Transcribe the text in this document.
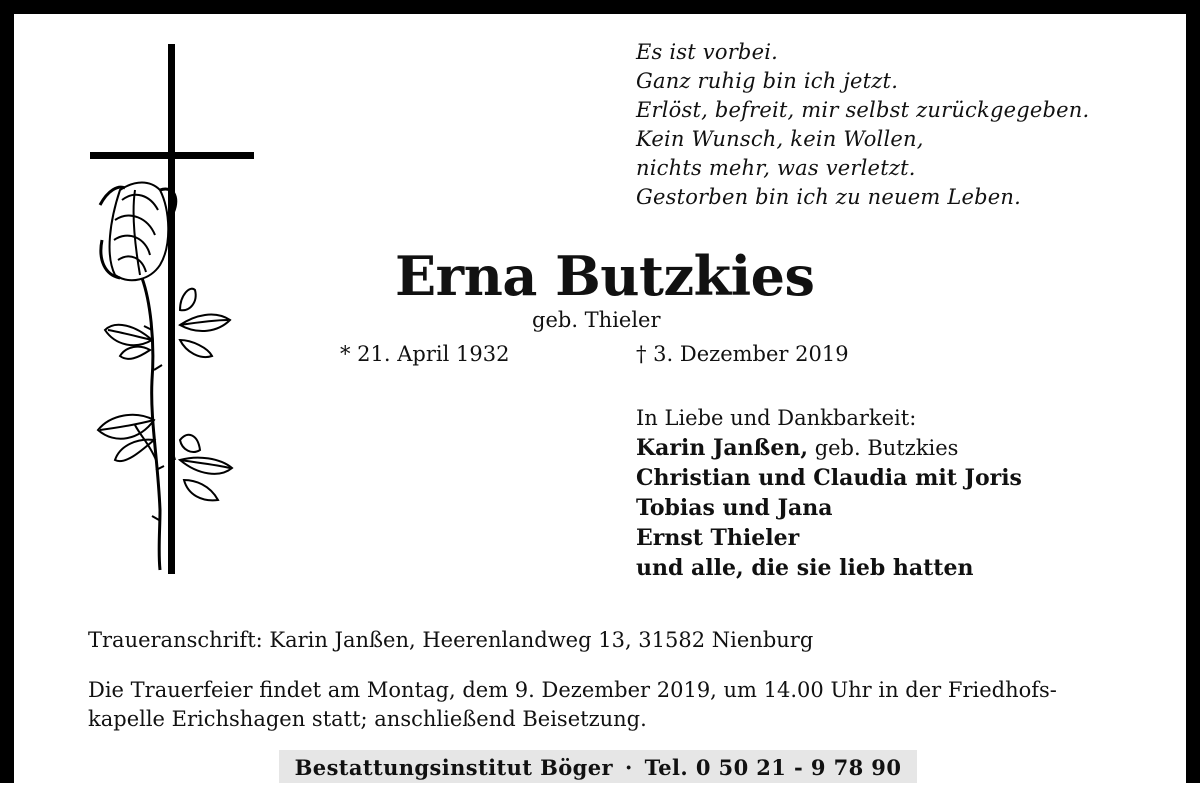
Es ist vorbei.
Ganz ruhig bin ich jetzt.
Erlöst, befreit, mir selbst zurückgegeben.
Kein Wunsch, kein Wollen,
nichts mehr, was verletzt.
Gestorben bin ich zu neuem Leben.
Erna Butzkies
geb. Thieler
* 21. April 1932	† 3. Dezember 2019
In Liebe und Dankbarkeit:
Karin Janßen, geb. Butzkies
Christian und Claudia mit Joris
Tobias und Jana
Ernst Thieler
und alle, die sie lieb hatten
Traueranschrift: Karin Janßen, Heerenlandweg 13, 31582 Nienburg
Die Trauerfeier findet am Montag, dem 9. Dezember 2019, um 14.00 Uhr in der Friedhofs-
kapelle Erichshagen statt; anschließend Beisetzung.
Bestattungsinstitut Böger · Tel. 0 50 21 - 9 78 90
